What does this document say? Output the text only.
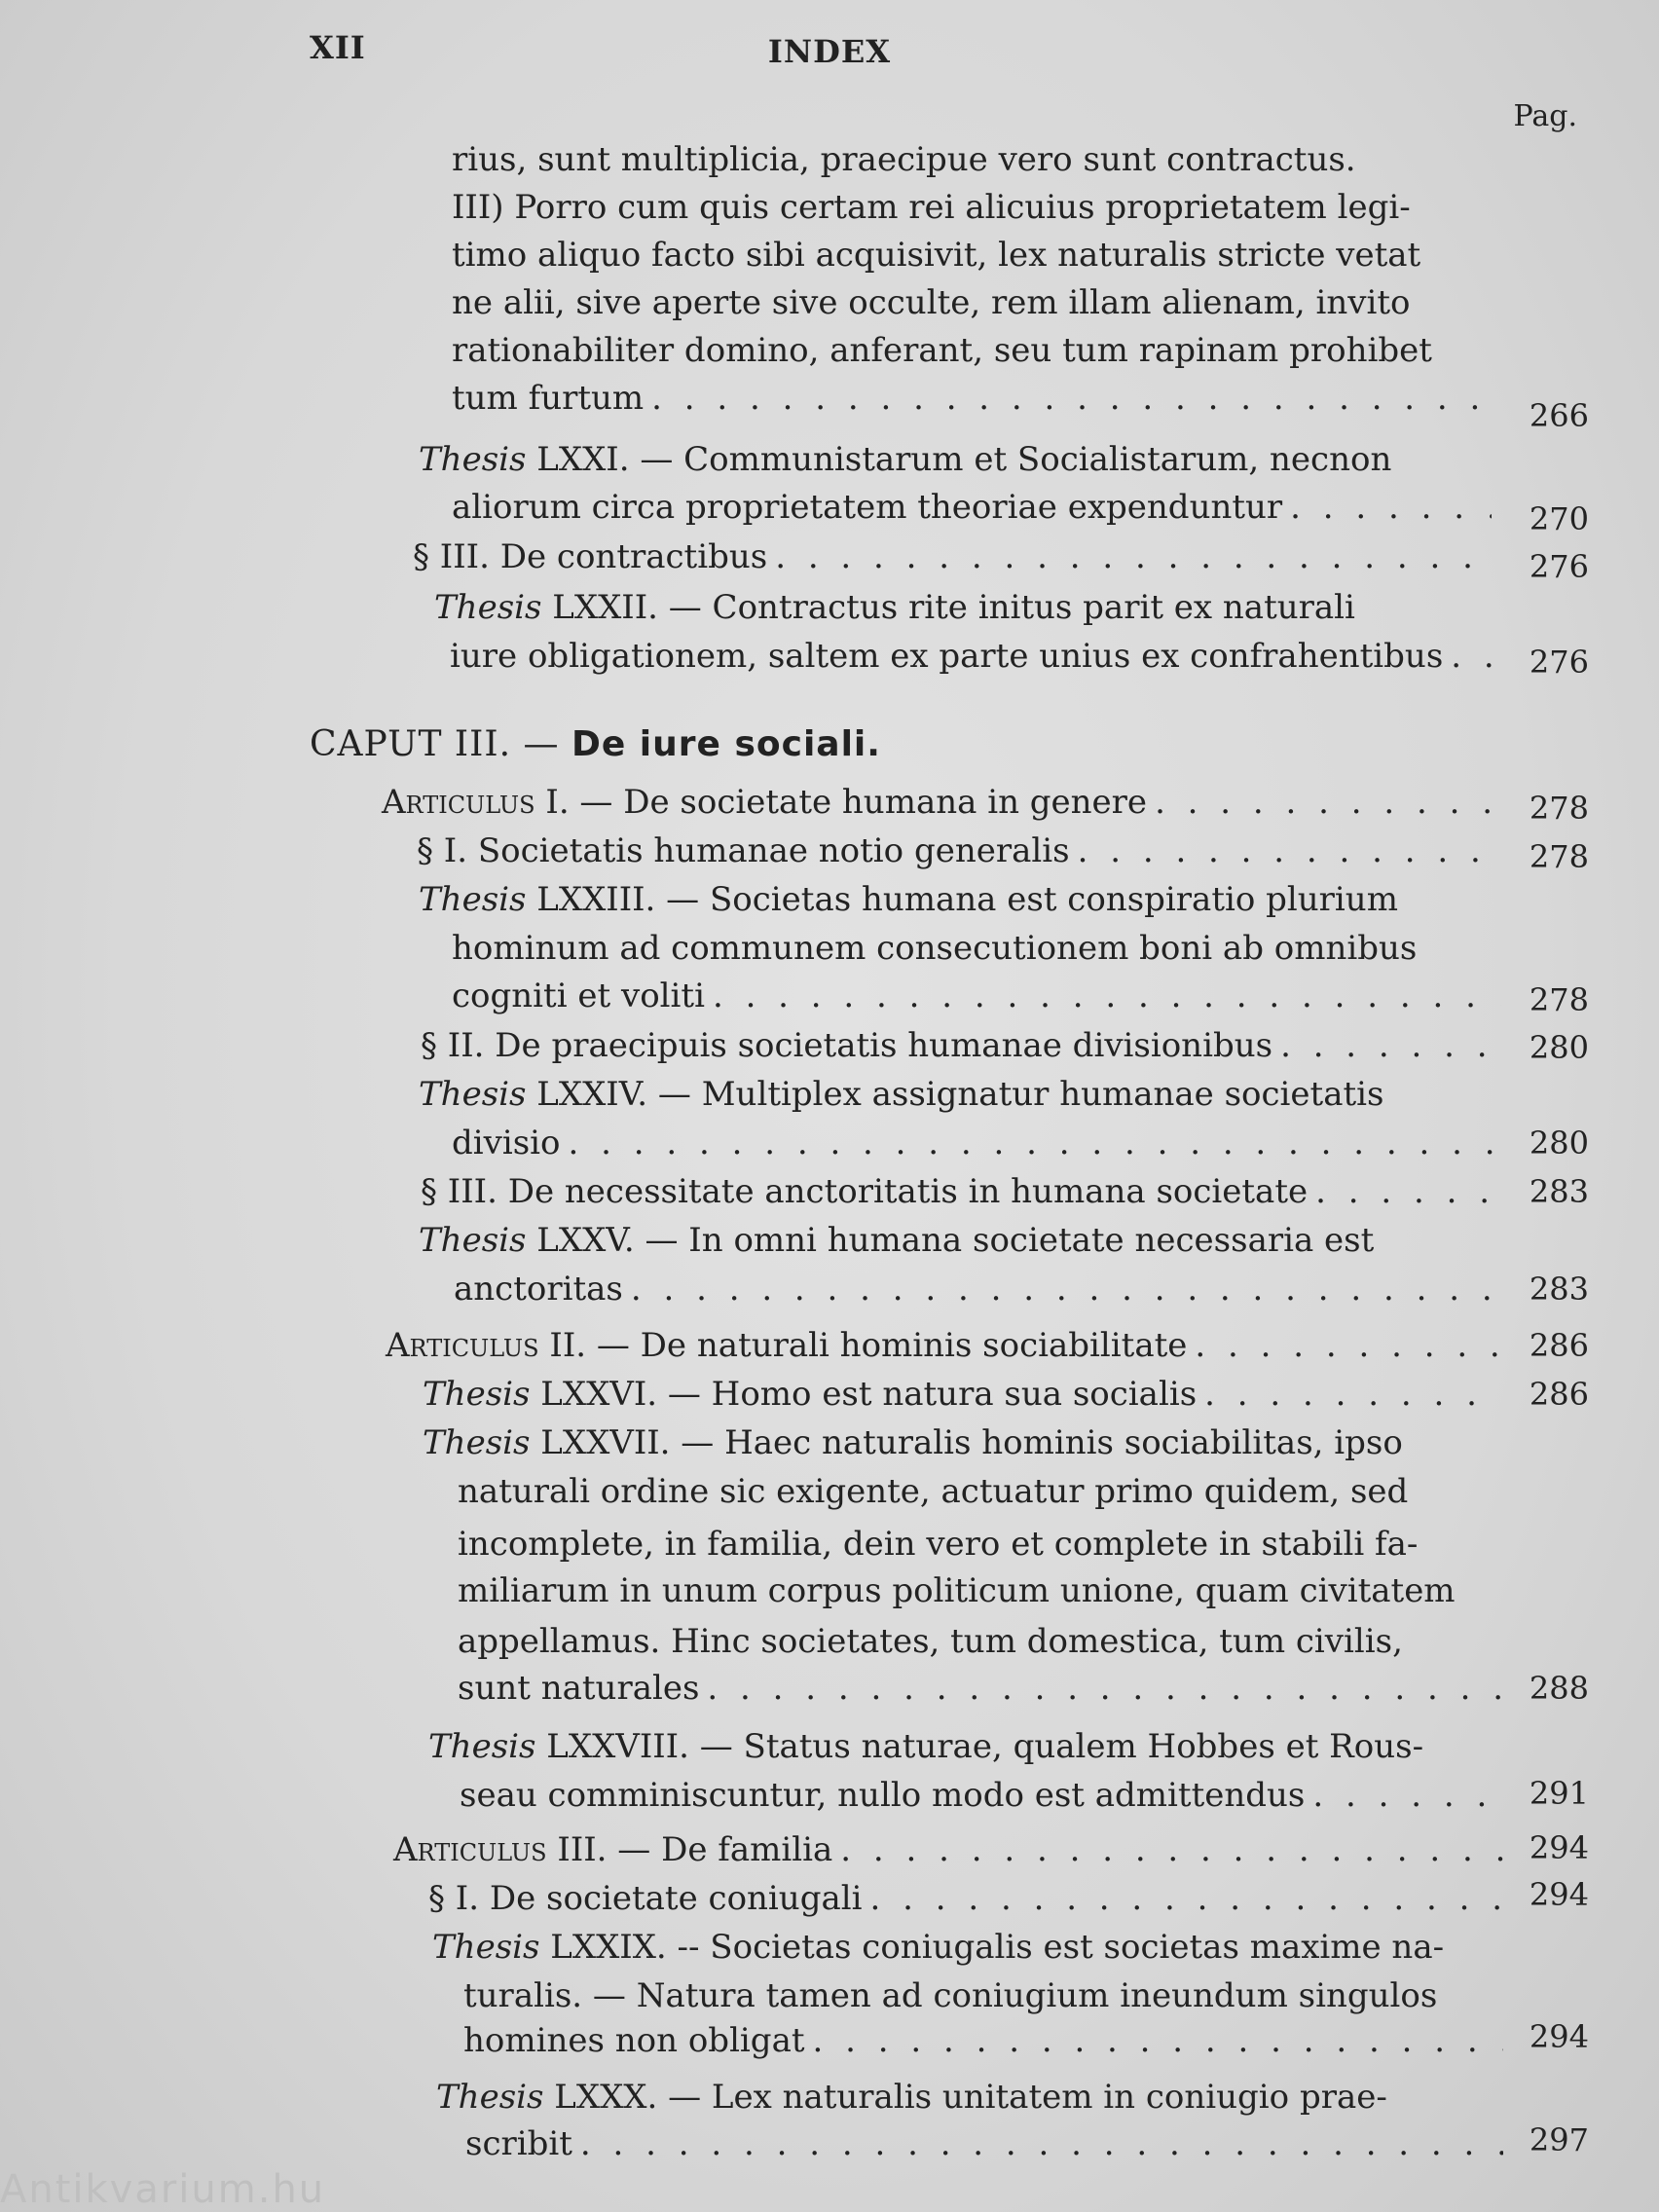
XII	INDEX
Pag.
rius, sunt multiplicia, praecipue vero sunt contractus.
III) Porro cum quis certam rei alicuius proprietatem legi-
timo aliquo facto sibi acquisivit, lex naturalis stricte vetat
ne alii, sive aperte sive occulte, rem illam alienam, invito
rationabiliter domino, anferant, seu tum rapinam prohibet
tum furtum . .	266
Thesis LXXI. — Communistarum et Socialistarum, necnon
aliorum circa proprietatem theoriae expenduntur . .	270
§ III. De contractibus . .	276
Thesis LXXII. — Contractus rite initus parit ex naturali
iure obligationem, saltem ex parte unius ex confrahentibus . .	276
CAPUT III. — De iure sociali.
Articulus I. — De societate humana in genere . .	278
§ I. Societatis humanae notio generalis . .	278
Thesis LXXIII. — Societas humana est conspiratio plurium
hominum ad communem consecutionem boni ab omnibus
cogniti et voliti . .	278
§ II. De praecipuis societatis humanae divisionibus . .	280
Thesis LXXIV. — Multiplex assignatur humanae societatis
divisio . .	280
§ III. De necessitate anctoritatis in humana societate . .	283
Thesis LXXV. — In omni humana societate necessaria est
anctoritas . .	283
Articulus II. — De naturali hominis sociabilitate . .	286
Thesis LXXVI. — Homo est natura sua socialis . .	286
Thesis LXXVII. — Haec naturalis hominis sociabilitas, ipso
naturali ordine sic exigente, actuatur primo quidem, sed
incomplete, in familia, dein vero et complete in stabili fa-
miliarum in unum corpus politicum unione, quam civitatem
appellamus. Hinc societates, tum domestica, tum civilis,
sunt naturales . .	288
Thesis LXXVIII. — Status naturae, qualem Hobbes et Rous-
seau comminiscuntur, nullo modo est admittendus . .	291
Articulus III. — De familia . .	294
§ I. De societate coniugali . .	294
Thesis LXXIX. -- Societas coniugalis est societas maxime na-
turalis. — Natura tamen ad coniugium ineundum singulos
homines non obligat . .	294
Thesis LXXX. — Lex naturalis unitatem in coniugio prae-
scribit . .	297
Antikvarium.hu
